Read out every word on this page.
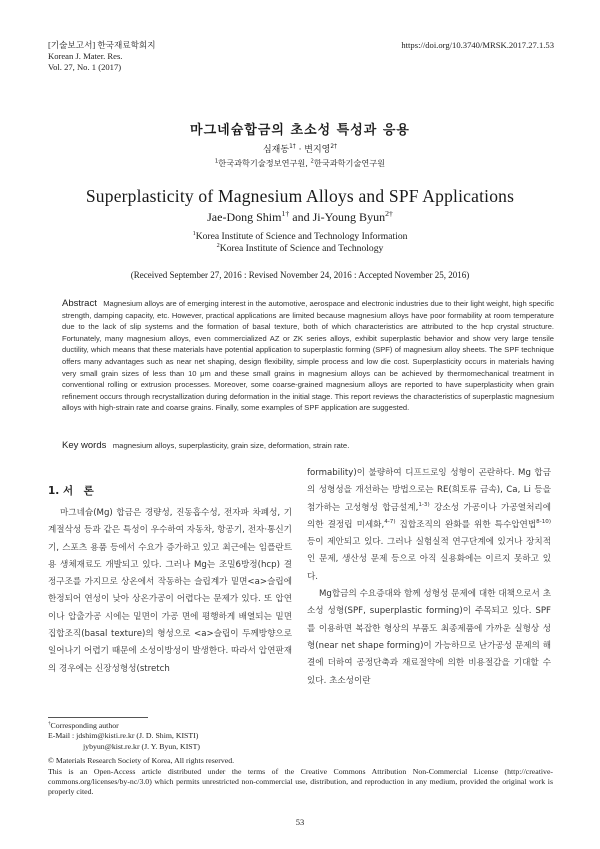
[기술보고서] 한국재료학회지
Korean J. Mater. Res.
Vol. 27, No. 1 (2017)
https://doi.org/10.3740/MRSK.2017.27.1.53
마그네슘합금의 초소성 특성과 응용
심재동$^{1\dagger}$ · 변지영$^{2\dagger}$
$^1$한국과학기술정보연구원, $^2$한국과학기술연구원
Superplasticity of Magnesium Alloys and SPF Applications
Jae-Dong Shim$^{1\dagger}$ and Ji-Young Byun$^{2\dagger}$
$^1$Korea Institute of Science and Technology Information
$^2$Korea Institute of Science and Technology
(Received September 27, 2016 : Revised November 24, 2016 : Accepted November 25, 2016)
Abstract Magnesium alloys are of emerging interest in the automotive, aerospace and electronic industries due to their light weight, high specific strength, damping capacity, etc. However, practical applications are limited because magnesium alloys have poor formability at room temperature due to the lack of slip systems and the formation of basal texture, both of which characteristics are attributed to the hcp crystal structure. Fortunately, many magnesium alloys, even commercialized AZ or ZK series alloys, exhibit superplastic behavior and show very large tensile ductility, which means that these materials have potential application to superplastic forming (SPF) of magnesium alloy sheets. The SPF technique offers many advantages such as near net shaping, design flexibility, simple process and low die cost. Superplasticity occurs in materials having very small grain sizes of less than 10 μm and these small grains in magnesium alloys can be achieved by thermomechanical treatment in conventional rolling or extrusion processes. Moreover, some coarse-grained magnesium alloys are reported to have superplasticity when grain refinement occurs through recrystallization during deformation in the initial stage. This report reviews the characteristics of superplastic magnesium alloys with high-strain rate and coarse grains. Finally, some examples of SPF application are suggested.
Key words magnesium alloys, superplasticity, grain size, deformation, strain rate.
1. 서　론

마그네슘(Mg) 합금은 경량성, 진동흡수성, 전자파 차폐성, 기계절삭성 등과 같은 특성이 우수하여 자동차, 항공기, 전자·통신기기, 스포츠 용품 등에서 수요가 증가하고 있고 최근에는 임플란트용 생체재료도 개발되고 있다. 그러나 Mg는 조밀6방정(hcp) 결정구조를 가지므로 상온에서 작동하는 슬립계가 밑면<a>슬립에 한정되어 연성이 낮아 상온가공이 어렵다는 문제가 있다. 또 압연이나 압출가공 시에는 밑면이 가공 면에 평행하게 배열되는 밑면집합조직(basal texture)의 형성으로 <a>슬립이 두께방향으로 일어나기 어렵기 때문에 소성이방성이 발생한다. 따라서 압연판재의 경우에는 신장성형성(stretch

formability)이 불량하여 디프드로잉 성형이 곤란하다. Mg 합금의 성형성을 개선하는 방법으로는 RE(희토류 금속), Ca, Li 등을 첨가하는 고성형성 합금설계,$^{1-3)}$ 강소성 가공이나 가공열처리에 의한 결정립 미세화,$^{4-7)}$ 집합조직의 완화를 위한 특수압연법$^{8-10)}$등이 제안되고 있다. 그러나 실험실적 연구단계에 있거나 장치적인 문제, 생산성 문제 등으로 아직 실용화에는 이르지 못하고 있다.

Mg합금의 수요증대와 함께 성형성 문제에 대한 대책으로서 초소성 성형(SPF, superplastic forming)이 주목되고 있다. SPF를 이용하면 복잡한 형상의 부품도 최종제품에 가까운 실형상 성형(near net shape forming)이 가능하므로 난가공성 문제의 해결에 더하여 공정단축과 재료절약에 의한 비용절감을 기대할 수 있다. 초소성이란

†Corresponding author
E-Mail : jdshim@kisti.re.kr (J. D. Shim, KISTI)
jybyun@kist.re.kr (J. Y. Byun, KIST)
© Materials Research Society of Korea, All rights reserved.
This is an Open-Access article distributed under the terms of the Creative Commons Attribution Non-Commercial License (http://creative-commons.org/licenses/by-nc/3.0) which permits unrestricted non-commercial use, distribution, and reproduction in any medium, provided the original work is properly cited.
53
